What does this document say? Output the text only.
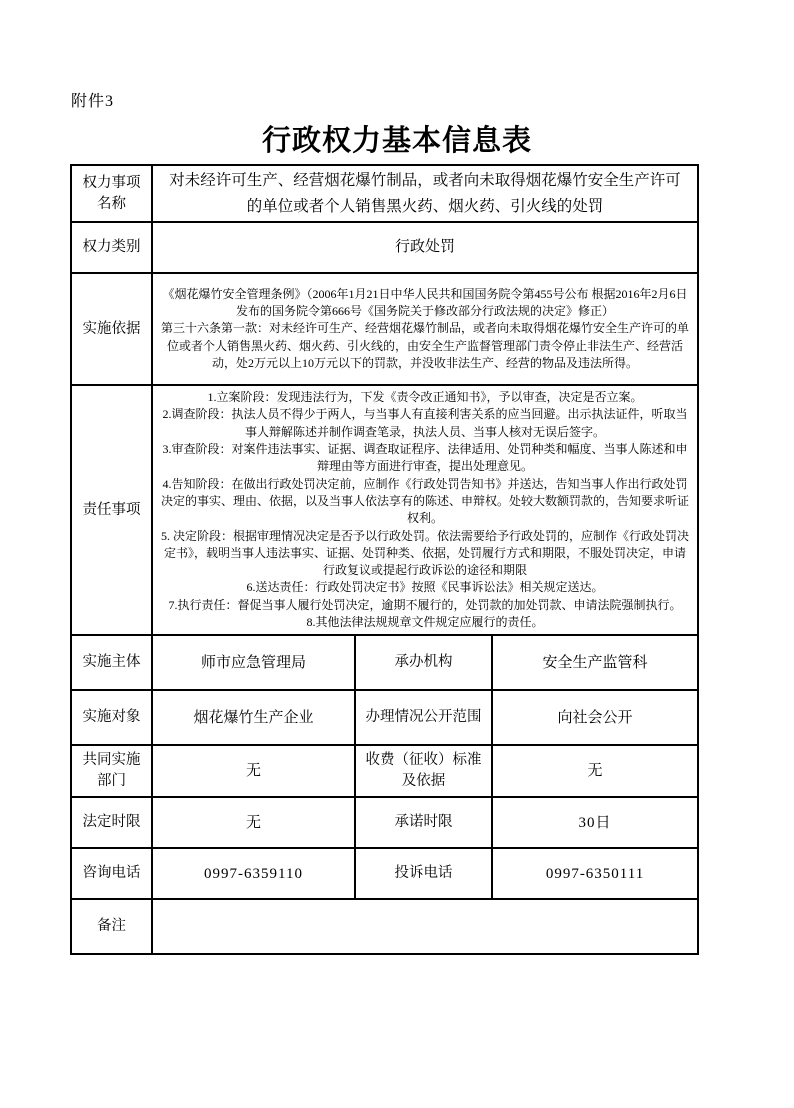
附件3
行政权力基本信息表
权力事项名称	对未经许可生产、经营烟花爆竹制品，或者向未取得烟花爆竹安全生产许可的单位或者个人销售黑火药、烟火药、引火线的处罚		
权力类别	行政处罚		
实施依据	《烟花爆竹安全管理条例》（2006年1月21日中华人民共和国国务院令第455号公布 根据2016年2月6日发布的国务院令第666号《国务院关于修改部分行政法规的决定》修正）

第三十六条第一款：对未经许可生产、经营烟花爆竹制品，或者向未取得烟花爆竹安全生产许可的单位或者个人销售黑火药、烟火药、引火线的，由安全生产监督管理部门责令停止非法生产、经营活动，处2万元以上10万元以下的罚款，并没收非法生产、经营的物品及违法所得。		

责任事项	

1.立案阶段：发现违法行为，下发《责令改正通知书》，予以审查，决定是否立案。

2.调查阶段：执法人员不得少于两人，与当事人有直接利害关系的应当回避。出示执法证件，听取当事人辩解陈述并制作调查笔录，执法人员、当事人核对无误后签字。

3.审查阶段：对案件违法事实、证据、调查取证程序、法律适用、处罚种类和幅度、当事人陈述和申辩理由等方面进行审查，提出处理意见。

4.告知阶段：在做出行政处罚决定前，应制作《行政处罚告知书》并送达，告知当事人作出行政处罚决定的事实、理由、依据，以及当事人依法享有的陈述、申辩权。处较大数额罚款的，告知要求听证权利。

5. 决定阶段：根据审理情况决定是否予以行政处罚。依法需要给予行政处罚的，应制作《行政处罚决定书》，载明当事人违法事实、证据、处罚种类、依据，处罚履行方式和期限，不服处罚决定，申请行政复议或提起行政诉讼的途径和期限

6.送达责任：行政处罚决定书》按照《民事诉讼法》相关规定送达。

7.执行责任：督促当事人履行处罚决定，逾期不履行的，处罚款的加处罚款、申请法院强制执行。

8.其他法律法规规章文件规定应履行的责任。

实施主体	师市应急管理局	承办机构	安全生产监管科
实施对象	烟花爆竹生产企业	办理情况公开范围	向社会公开
共同实施部门	无	收费（征收）标准及依据	无
法定时限	无	承诺时限	30日
咨询电话	0997-6359110	投诉电话	0997-6350111
备注			
